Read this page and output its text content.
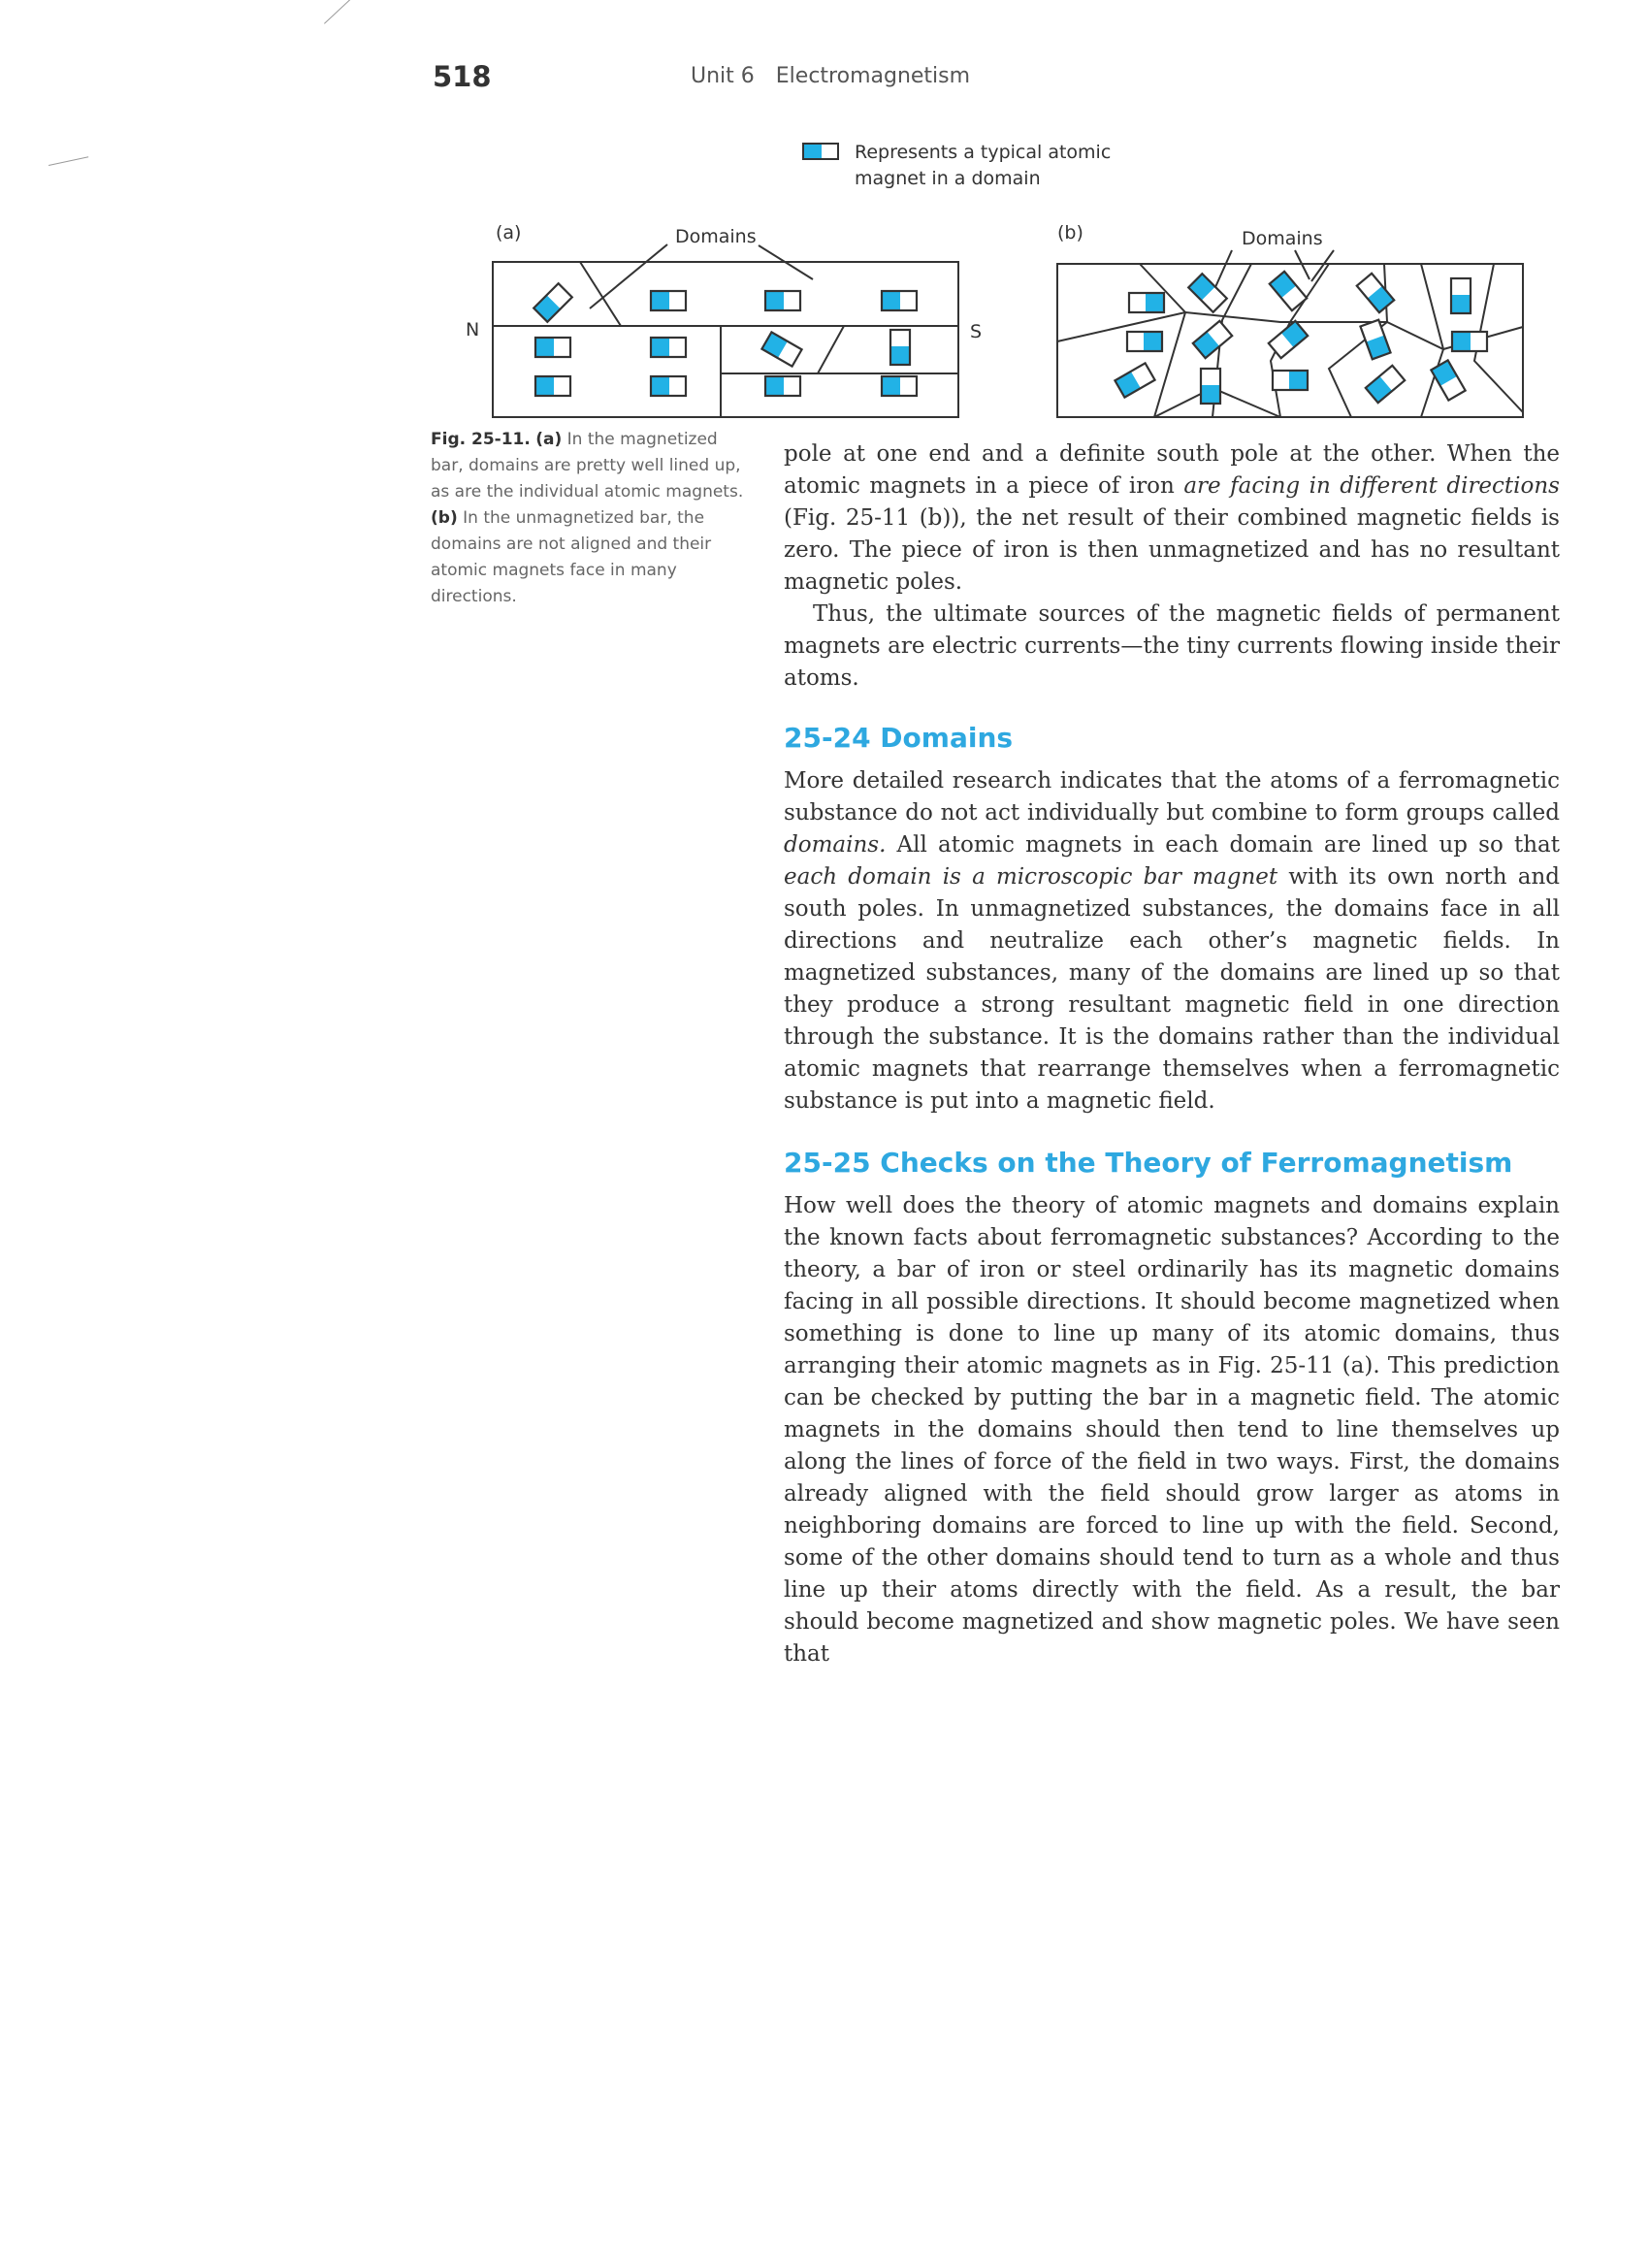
518	Unit 6 Electromagnetism
Represents a typical atomic magnet in a domain
(a)	Domains
N	S
(b)	Domains
Fig. 25-11. (a) In the magnetized bar, domains are pretty well lined up, as are the individual atomic magnets. (b) In the unmagnetized bar, the domains are not aligned and their atomic magnets face in many directions.

pole at one end and a definite south pole at the other. When the atomic magnets in a piece of iron are facing in different directions (Fig. 25-11 (b)), the net result of their combined magnetic fields is zero. The piece of iron is then unmagnetized and has no resultant magnetic poles.

Thus, the ultimate sources of the magnetic fields of permanent magnets are electric currents—the tiny currents flowing inside their atoms.

25-24 Domains

More detailed research indicates that the atoms of a ferromagnetic substance do not act individually but combine to form groups called domains. All atomic magnets in each domain are lined up so that each domain is a microscopic bar magnet with its own north and south poles. In unmagnetized substances, the domains face in all directions and neutralize each other’s magnetic fields. In magnetized substances, many of the domains are lined up so that they produce a strong resultant magnetic field in one direction through the substance. It is the domains rather than the individual atomic magnets that rearrange themselves when a ferromagnetic substance is put into a magnetic field.

25-25 Checks on the Theory of Ferromagnetism

How well does the theory of atomic magnets and domains explain the known facts about ferromagnetic substances? According to the theory, a bar of iron or steel ordinarily has its magnetic domains facing in all possible directions. It should become magnetized when something is done to line up many of its atomic domains, thus arranging their atomic magnets as in Fig. 25-11 (a). This prediction can be checked by putting the bar in a magnetic field. The atomic magnets in the domains should then tend to line themselves up along the lines of force of the field in two ways. First, the domains already aligned with the field should grow larger as atoms in neighboring domains are forced to line up with the field. Second, some of the other domains should tend to turn as a whole and thus line up their atoms directly with the field. As a result, the bar should become magnetized and show magnetic poles. We have seen that
